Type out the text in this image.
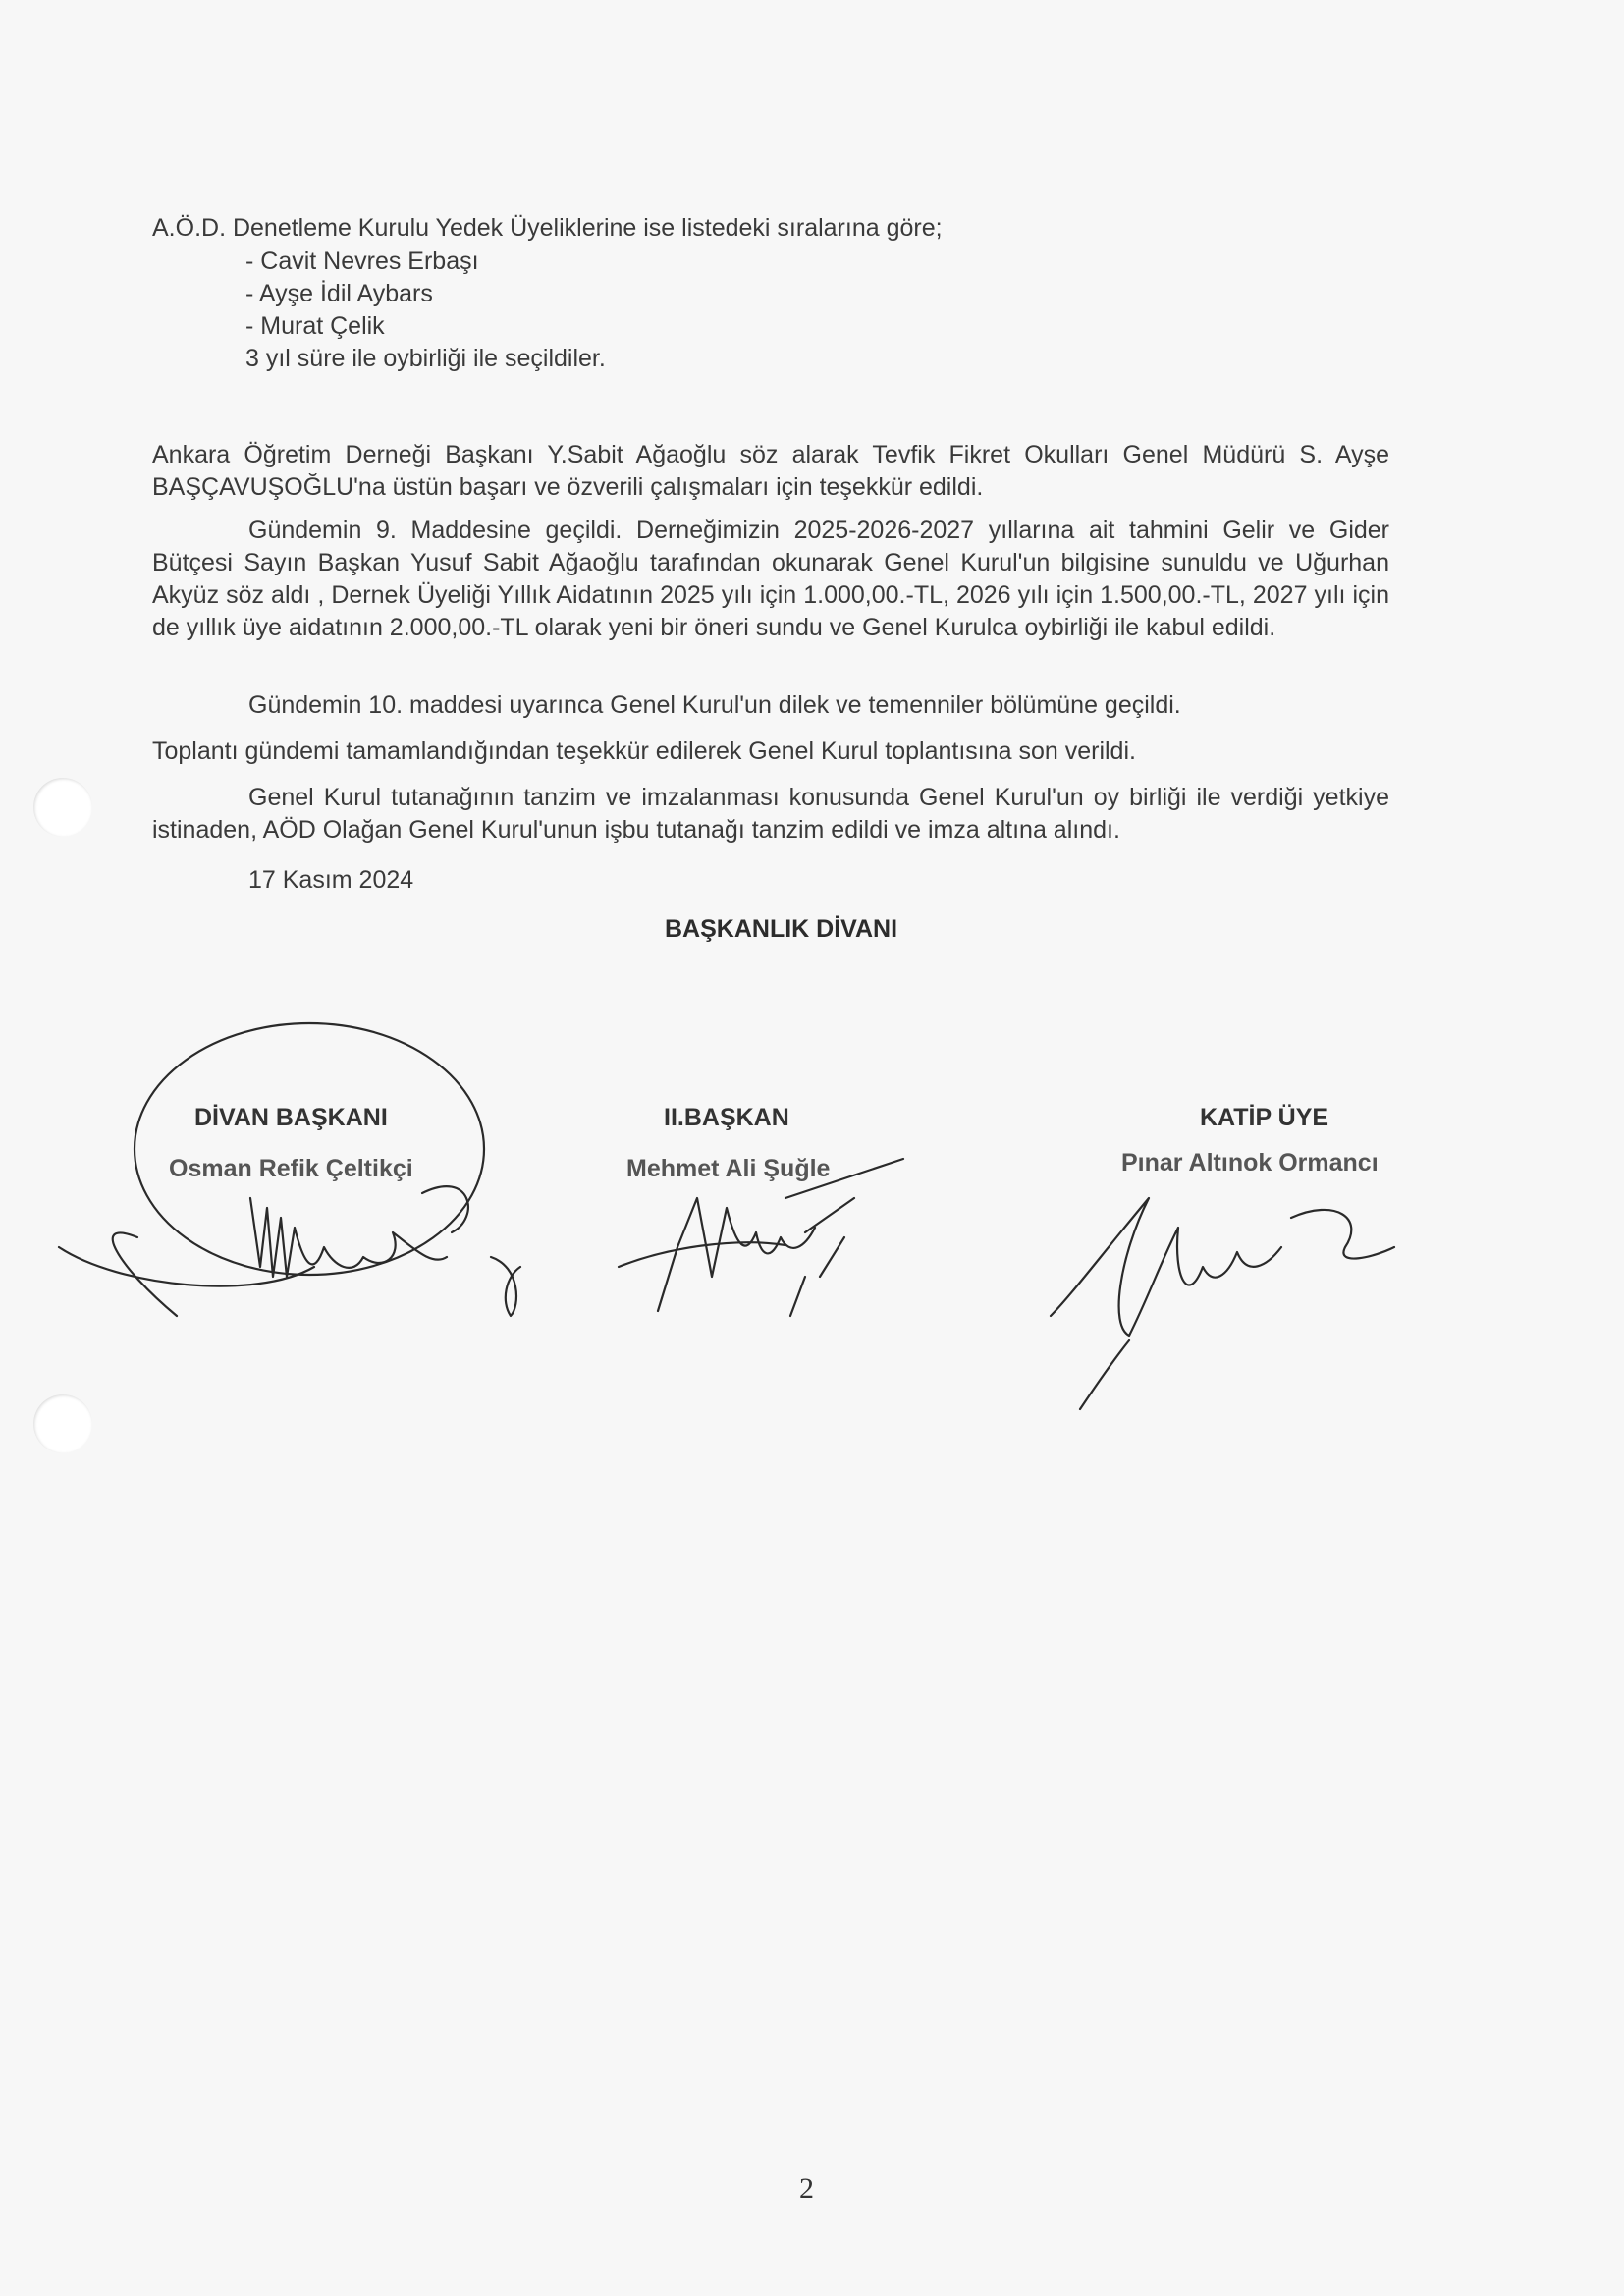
A.Ö.D. Denetleme Kurulu Yedek Üyeliklerine ise listedeki sıralarına göre;
- Cavit Nevres Erbaşı
- Ayşe İdil Aybars
- Murat Çelik
3 yıl süre ile oybirliği ile seçildiler.
Ankara Öğretim Derneği Başkanı Y.Sabit Ağaoğlu söz alarak Tevfik Fikret Okulları Genel Müdürü S. Ayşe BAŞÇAVUŞOĞLU'na üstün başarı ve özverili çalışmaları için teşekkür edildi.
Gündemin 9. Maddesine geçildi. Derneğimizin 2025-2026-2027 yıllarına ait tahmini Gelir ve Gider Bütçesi Sayın Başkan Yusuf Sabit Ağaoğlu tarafından okunarak Genel Kurul'un bilgisine sunuldu ve Uğurhan Akyüz söz aldı , Dernek Üyeliği Yıllık Aidatının 2025 yılı için 1.000,00.-TL, 2026 yılı için 1.500,00.-TL, 2027 yılı için de yıllık üye aidatının 2.000,00.-TL olarak yeni bir öneri sundu ve Genel Kurulca oybirliği ile kabul edildi.
Gündemin 10. maddesi uyarınca Genel Kurul'un dilek ve temenniler bölümüne geçildi.
Toplantı gündemi tamamlandığından teşekkür edilerek Genel Kurul toplantısına son verildi.
Genel Kurul tutanağının tanzim ve imzalanması konusunda Genel Kurul'un oy birliği ile verdiği yetkiye istinaden, AÖD Olağan Genel Kurul'unun işbu tutanağı tanzim edildi ve imza altına alındı.
17 Kasım 2024
BAŞKANLIK DİVANI
DİVAN BAŞKANI
Osman Refik Çeltikçi
II.BAŞKAN
Mehmet Ali Şuğle
KATİP ÜYE
Pınar Altınok Ormancı
2
